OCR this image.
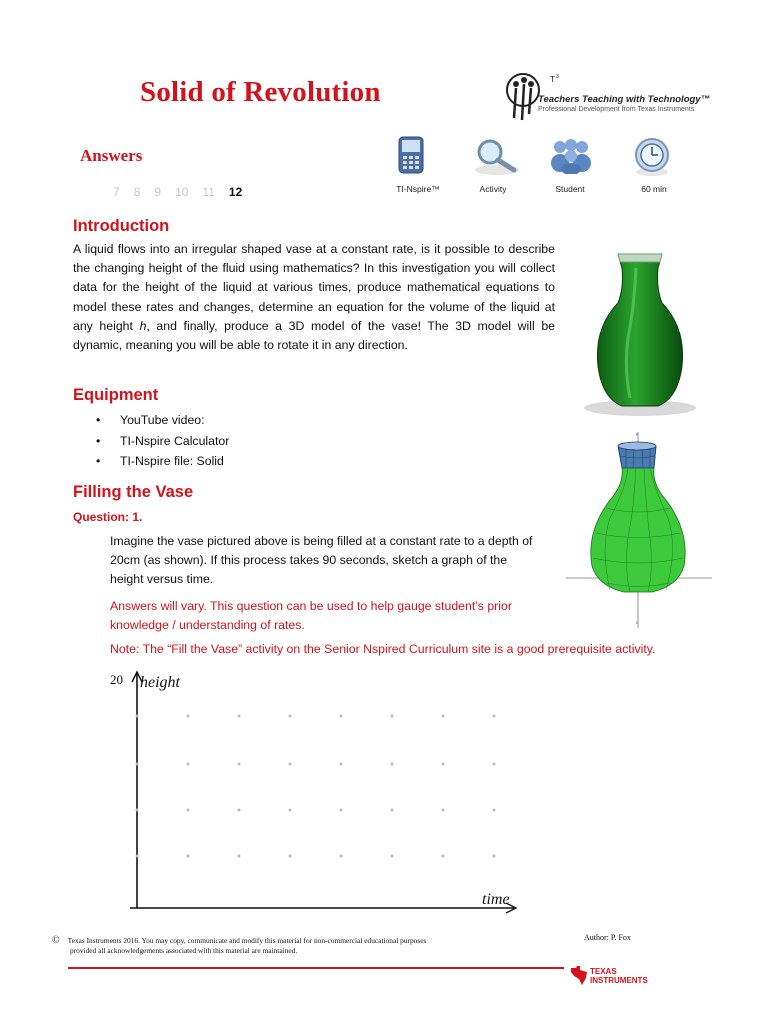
Solid of Revolution
Answers
7 8 9 10 11 12
T 3
Teachers Teaching with Technology™
Professional Development from Texas Instruments
TI-Nspire™	Activity	Student	60 min
Introduction
A liquid flows into an irregular shaped vase at a constant rate, is it possible to describe the changing height of the fluid using mathematics? In this investigation you will collect data for the height of the liquid at various times, produce mathematical equations to model these rates and changes, determine an equation for the volume of the liquid at any height h, and finally, produce a 3D model of the vase! The 3D model will be dynamic, meaning you will be able to rotate it in any direction.
y
0
Equipment
• YouTube video:
• TI-Nspire Calculator
• TI-Nspire file: Solid
Filling the Vase
Question: 1.
Imagine the vase pictured above is being filled at a constant rate to a depth of 20cm (as shown). If this process takes 90 seconds, sketch a graph of the height versus time.
Answers will vary. This question can be used to help gauge student’s prior knowledge / understanding of rates.
Note: The “Fill the Vase” activity on the Senior Nspired Curriculum site is a good prerequisite activity.
20 height
time
© Texas Instruments 2016. You may copy, communicate and modify this material for non-commercial educational purposes
provided all acknowledgements associated with this material are maintained.
Author: P. Fox
TEXAS
INSTRUMENTS
